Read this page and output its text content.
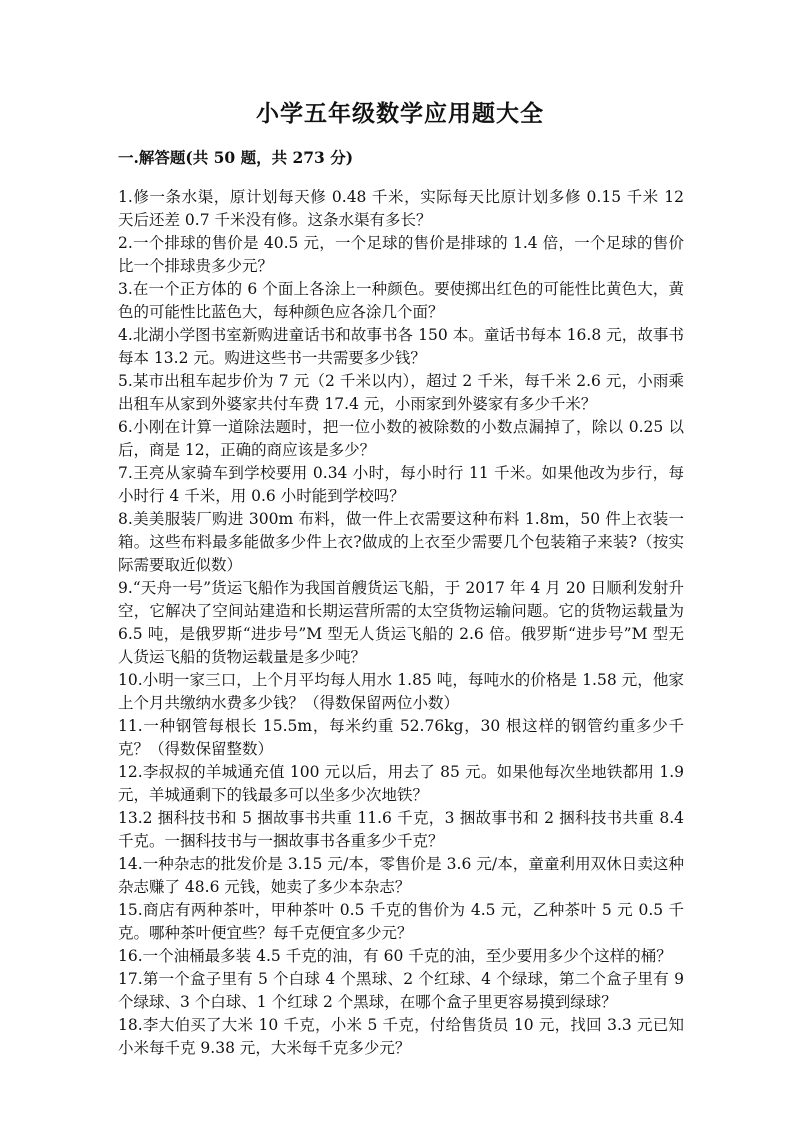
小学五年级数学应用题大全
一.解答题(共 50 题，共 273 分)

1.修一条水渠，原计划每天修 0.48 千米，实际每天比原计划多修 0.15 千米 12 天后还差 0.7 千米没有修。这条水渠有多长？

2.一个排球的售价是 40.5 元，一个足球的售价是排球的 1.4 倍，一个足球的售价比一个排球贵多少元？

3.在一个正方体的 6 个面上各涂上一种颜色。要使掷出红色的可能性比黄色大，黄色的可能性比蓝色大，每种颜色应各涂几个面？

4.北湖小学图书室新购进童话书和故事书各 150 本。童话书每本 16.8 元，故事书每本 13.2 元。购进这些书一共需要多少钱？

5.某市出租车起步价为 7 元（2 千米以内），超过 2 千米，每千米 2.6 元，小雨乘出租车从家到外婆家共付车费 17.4 元，小雨家到外婆家有多少千米？

6.小刚在计算一道除法题时，把一位小数的被除数的小数点漏掉了，除以 0.25 以后，商是 12，正确的商应该是多少？

7.王亮从家骑车到学校要用 0.34 小时，每小时行 11 千米。如果他改为步行，每小时行 4 千米，用 0.6 小时能到学校吗？

8.美美服装厂购进 300m 布料，做一件上衣需要这种布料 1.8m，50 件上衣装一箱。这些布料最多能做多少件上衣?做成的上衣至少需要几个包装箱子来装?（按实际需要取近似数）

9.“天舟一号”货运飞船作为我国首艘货运飞船，于 2017 年 4 月 20 日顺利发射升空，它解决了空间站建造和长期运营所需的太空货物运输问题。它的货物运载量为 6.5 吨，是俄罗斯“进步号”M 型无人货运飞船的 2.6 倍。俄罗斯“进步号”M 型无人货运飞船的货物运载量是多少吨？

10.小明一家三口，上个月平均每人用水 1.85 吨，每吨水的价格是 1.58 元，他家上个月共缴纳水费多少钱？（得数保留两位小数）

11.一种钢管每根长 15.5m，每米约重 52.76kg，30 根这样的钢管约重多少千克？（得数保留整数）

12.李叔叔的羊城通充值 100 元以后，用去了 85 元。如果他每次坐地铁都用 1.9 元，羊城通剩下的钱最多可以坐多少次地铁？

13.2 捆科技书和 5 捆故事书共重 11.6 千克，3 捆故事书和 2 捆科技书共重 8.4 千克。一捆科技书与一捆故事书各重多少千克？

14.一种杂志的批发价是 3.15 元/本，零售价是 3.6 元/本，童童利用双休日卖这种杂志赚了 48.6 元钱，她卖了多少本杂志？

15.商店有两种茶叶，甲种茶叶 0.5 千克的售价为 4.5 元，乙种茶叶 5 元 0.5 千克。哪种茶叶便宜些？每千克便宜多少元？

16.一个油桶最多装 4.5 千克的油，有 60 千克的油，至少要用多少个这样的桶？

17.第一个盒子里有 5 个白球 4 个黑球、2 个红球、4 个绿球，第二个盒子里有 9 个绿球、3 个白球、1 个红球 2 个黑球，在哪个盒子里更容易摸到绿球？

18.李大伯买了大米 10 千克，小米 5 千克，付给售货员 10 元，找回 3.3 元已知小米每千克 9.38 元，大米每千克多少元？
